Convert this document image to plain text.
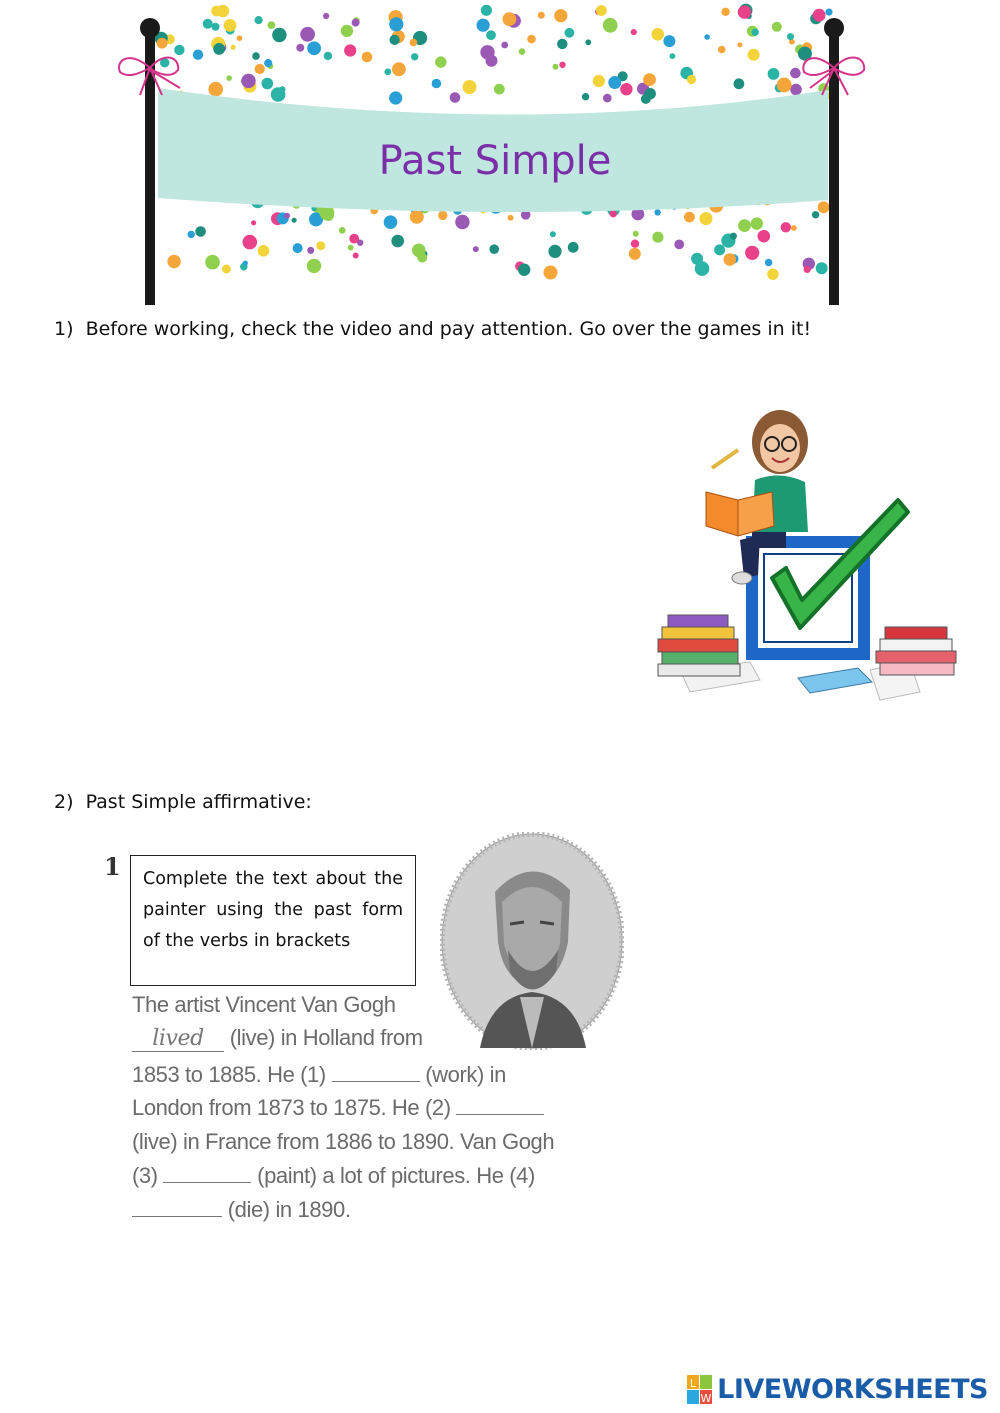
Past Simple
1) Before working, check the video and pay attention. Go over the games in it!
2) Past Simple affirmative:
1	Complete the text about the painter using the past form of the verbs in brackets
The artist Vincent Van Gogh
lived (live) in Holland from
1853 to 1885. He (1)	(work) in
London from 1873 to 1875. He (2)
(live) in France from 1886 to 1890. Van Gogh
(3)	(paint) a lot of pictures. He (4)
(die) in 1890.
L
W LIVEWORKSHEETS
